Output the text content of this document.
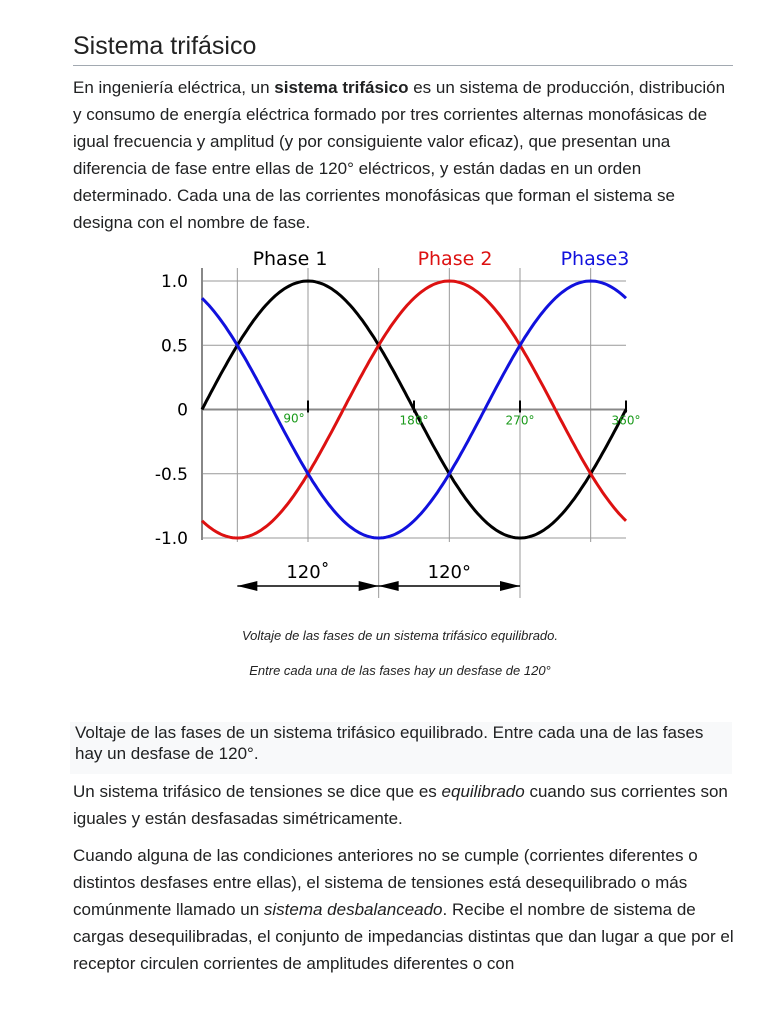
Sistema trifásico

En ingeniería eléctrica, un sistema trifásico es un sistema de producción, distribución y consumo de energía eléctrica formado por tres corrientes alternas monofásicas de igual frecuencia y amplitud (y por consiguiente valor eficaz), que presentan una diferencia de fase entre ellas de 120° eléctricos, y están dadas en un orden determinado. Cada una de las corrientes monofásicas que forman el sistema se designa con el nombre de fase.

1.0
0.5
0
-0.5
-1.0
90°	180°	270°	360°
Phase 1	Phase 2	Phase3
120˚	120°

Voltaje de las fases de un sistema trifásico equilibrado.

Entre cada una de las fases hay un desfase de 120°

Voltaje de las fases de un sistema trifásico equilibrado. Entre cada una de las fases hay un desfase de 120°.

Un sistema trifásico de tensiones se dice que es equilibrado cuando sus corrientes son iguales y están desfasadas simétricamente.

Cuando alguna de las condiciones anteriores no se cumple (corrientes diferentes o distintos desfases entre ellas), el sistema de tensiones está desequilibrado o más comúnmente llamado un sistema desbalanceado. Recibe el nombre de sistema de cargas desequilibradas, el conjunto de impedancias distintas que dan lugar a que por el receptor circulen corrientes de amplitudes diferentes o con
